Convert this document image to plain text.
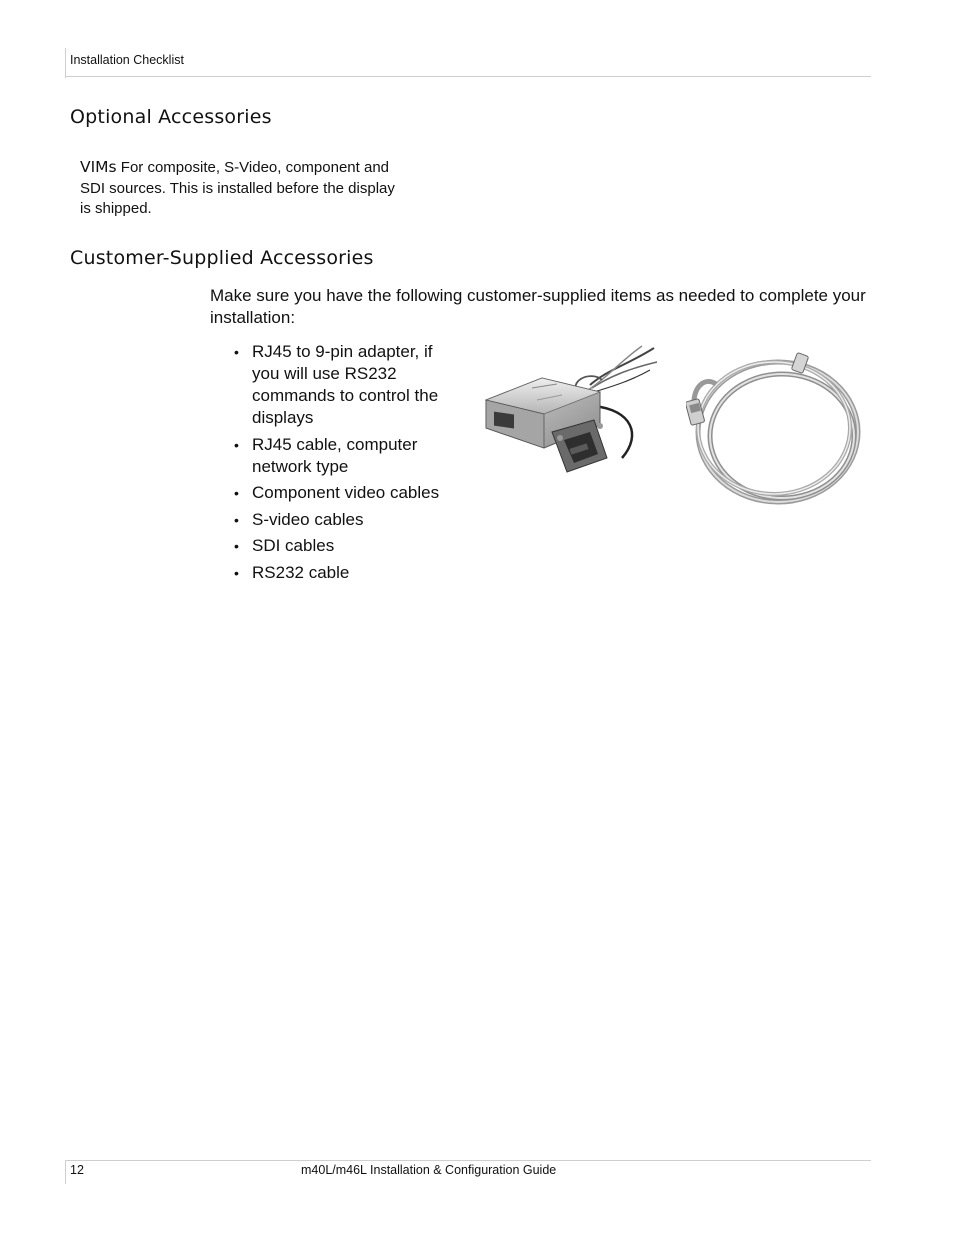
Installation Checklist
Optional Accessories
VIMs For composite, S-Video, component and SDI sources. This is installed before the display is shipped.
Customer-Supplied Accessories

Make sure you have the following customer-supplied items as needed to complete your installation:

• RJ45 to 9-pin adapter, if you will use RS232 commands to control the displays
• RJ45 cable, computer network type
• Component video cables
• S-video cables
• SDI cables
• RS232 cable
12	m40L/m46L Installation & Configuration Guide
